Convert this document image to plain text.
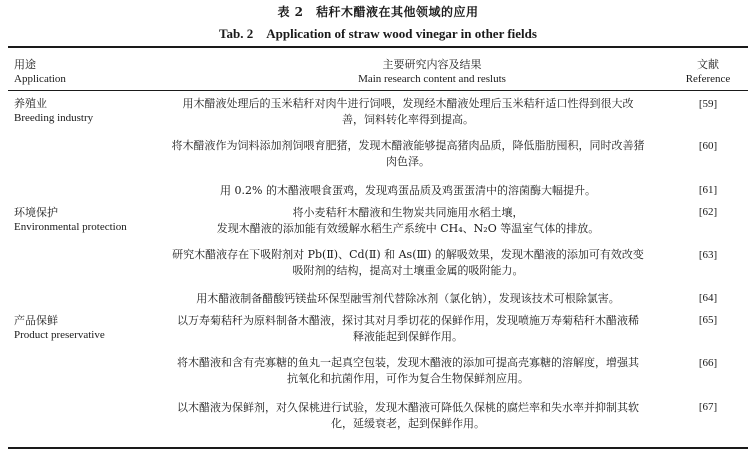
表 2　秸秆木醋液在其他领域的应用
Tab. 2　Application of straw wood vinegar in other fields
用途
Application
主要研究内容及结果
Main research content and resluts
文献
Reference
养殖业
Breeding industry
环境保护
Environmental protection
产品保鲜
Product preservative
用木醋液处理后的玉米秸秆对肉牛进行饲喂，发现经木醋液处理后玉米秸秆适口性得到很大改
善，饲料转化率得到提高。
[59]
将木醋液作为饲料添加剂饲喂育肥猪，发现木醋液能够提高猪肉品质，降低脂肪囤积，同时改善猪
肉色泽。
[60]
用 0.2% 的木醋液喂食蛋鸡，发现鸡蛋品质及鸡蛋蛋清中的溶菌酶大幅提升。	[61]
将小麦秸秆木醋液和生物炭共同施用水稻土壤，
发现木醋液的添加能有效缓解水稻生产系统中 CH₄、N₂O 等温室气体的排放。
[62]
研究木醋液存在下吸附剂对 Pb(Ⅱ)、Cd(Ⅱ) 和 As(Ⅲ) 的解吸效果，发现木醋液的添加可有效改变
吸附剂的结构，提高对土壤重金属的吸附能力。
[63]
用木醋液制备醋酸钙镁盐环保型融雪剂代替除冰剂（氯化钠），发现该技术可根除氯害。	[64]
以万寿菊秸秆为原料制备木醋液，探讨其对月季切花的保鲜作用，发现喷施万寿菊秸秆木醋液稀
释液能起到保鲜作用。
[65]
将木醋液和含有壳寡糖的鱼丸一起真空包装，发现木醋液的添加可提高壳寡糖的溶解度，增强其
抗氧化和抗菌作用，可作为复合生物保鲜剂应用。
[66]
以木醋液为保鲜剂，对久保桃进行试验，发现木醋液可降低久保桃的腐烂率和失水率并抑制其软
化，延缓衰老，起到保鲜作用。
[67]
